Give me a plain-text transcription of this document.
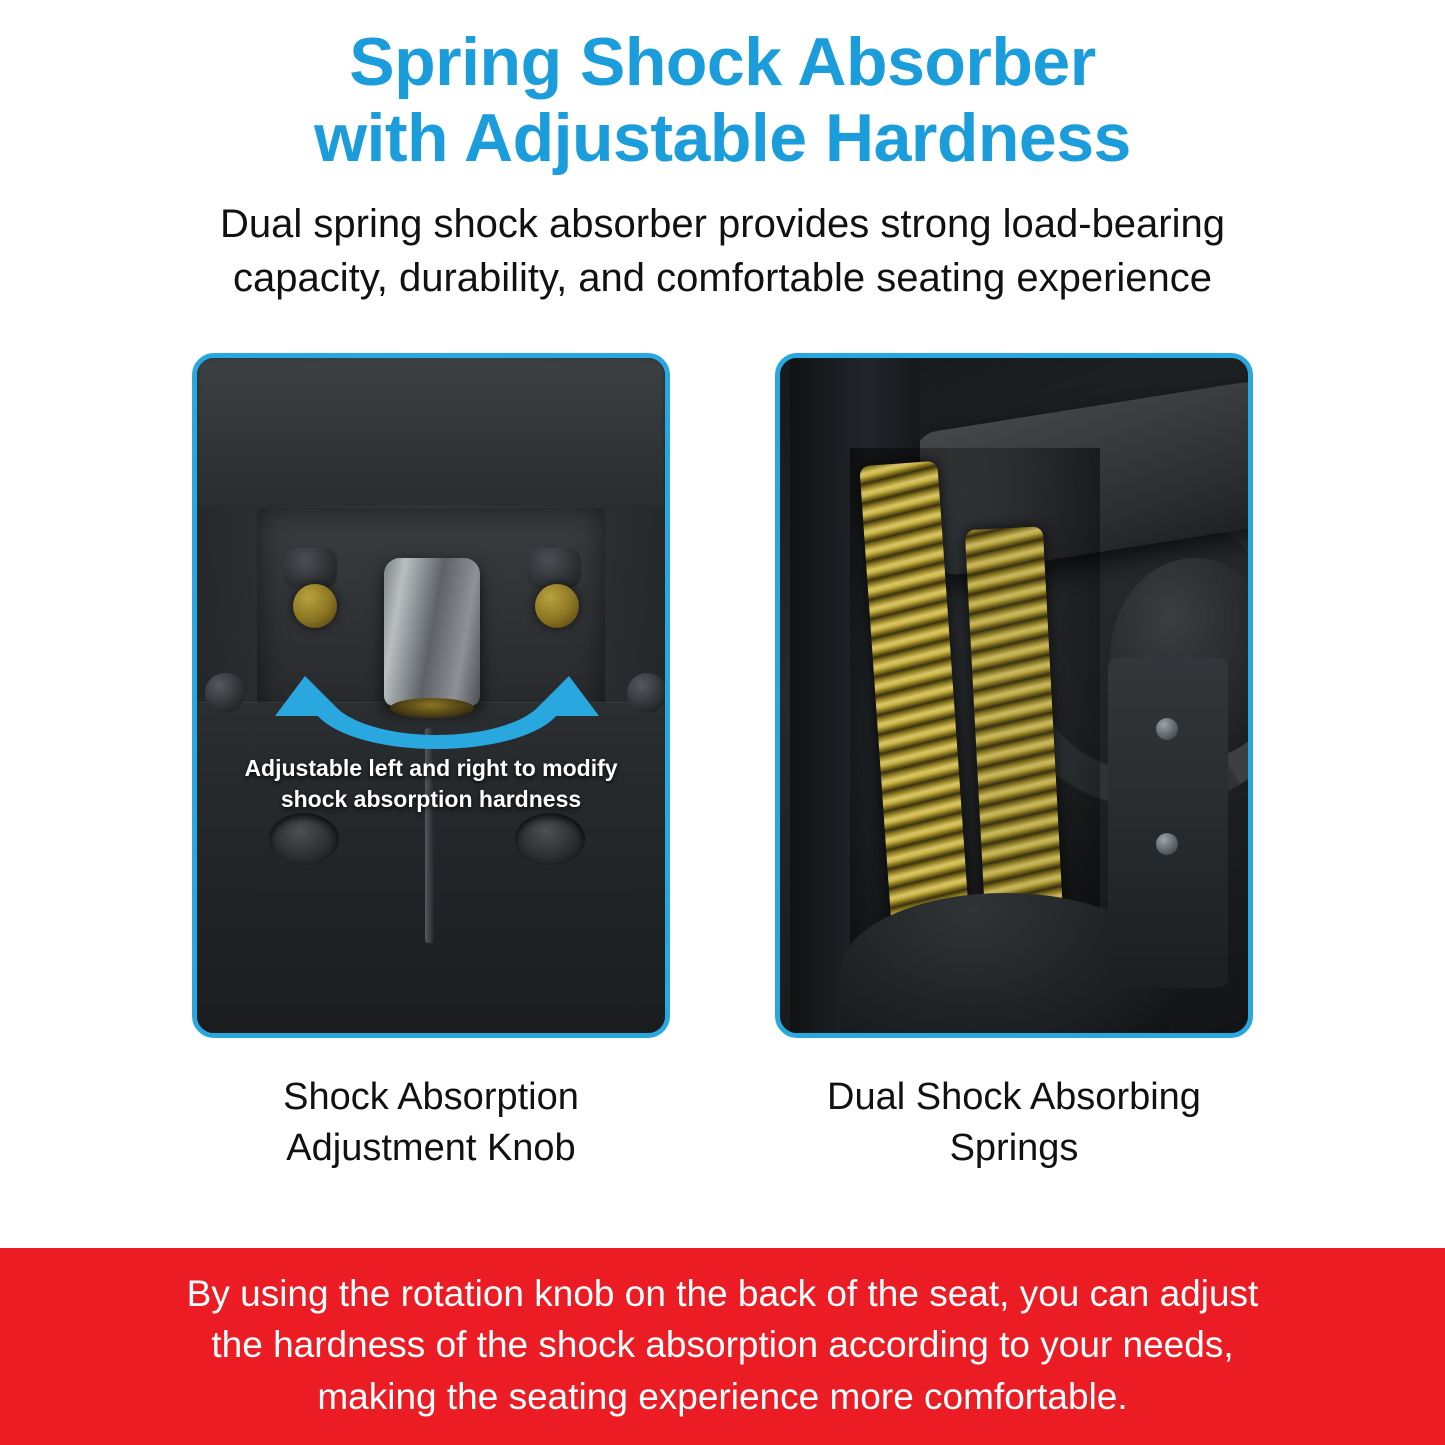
Spring Shock Absorber
with Adjustable Hardness

Dual spring shock absorber provides strong load-bearing
capacity, durability, and comfortable seating experience

Adjustable left and right to modify
shock absorption hardness
Shock Absorption
Adjustment Knob
Dual Shock Absorbing
Springs
By using the rotation knob on the back of the seat, you can adjust
the hardness of the shock absorption according to your needs,
making the seating experience more comfortable.
